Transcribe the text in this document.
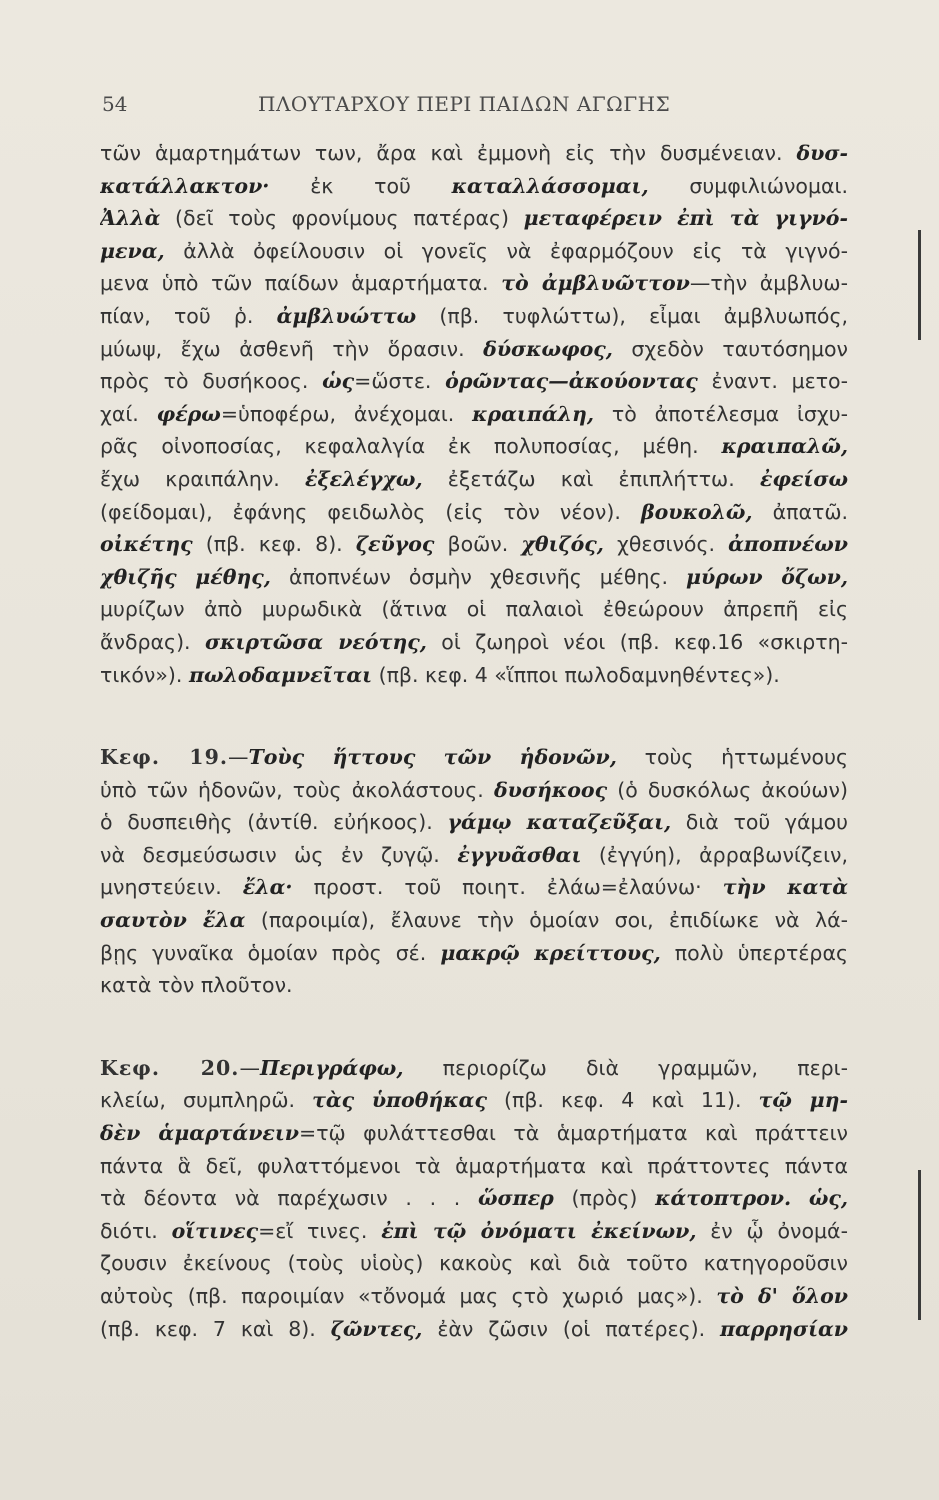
54	ΠΛΟΥΤΑΡΧΟΥ ΠΕΡΙ ΠΑΙΔΩΝ ΑΓΩΓΗΣ
τῶν ἁμαρτημάτων των, ἄρα καὶ ἐμμονὴ εἰς τὴν δυσμένειαν. δυσ-
κατάλλακτον· ἐκ τοῦ καταλλάσσομαι, συμφιλιώνομαι.
Ἀλλὰ (δεῖ τοὺς φρονίμους πατέρας) μεταφέρειν ἐπὶ τὰ γιγνό-
μενα, ἀλλὰ ὀφείλουσιν οἱ γονεῖς νὰ ἐφαρμόζουν εἰς τὰ γιγνό-
μενα ὑπὸ τῶν παίδων ἁμαρτήματα. τὸ ἀμβλυῶττον—τὴν ἀμβλυω-
πίαν, τοῦ ῥ. ἀμβλυώττω (πβ. τυφλώττω), εἶμαι ἀμβλυωπός,
μύωψ, ἔχω ἀσθενῆ τὴν ὅρασιν. δύσκωφος, σχεδὸν ταυτόσημον
πρὸς τὸ δυσήκοος. ὡς=ὥστε. ὁρῶντας—ἀκούοντας ἐναντ. μετο-
χαί. φέρω=ὑποφέρω, ἀνέχομαι. κραιπάλη, τὸ ἀποτέλεσμα ἰσχυ-
ρᾶς οἰνοποσίας, κεφαλαλγία ἐκ πολυποσίας, μέθη. κραιπαλῶ,
ἔχω κραιπάλην. ἐξελέγχω, ἐξετάζω καὶ ἐπιπλήττω. ἐφείσω
(φείδομαι), ἐφάνης φειδωλὸς (εἰς τὸν νέον). βουκολῶ, ἀπατῶ.
οἰκέτης (πβ. κεφ. 8). ζεῦγος βοῶν. χθιζός, χθεσινός. ἀποπνέων
χθιζῆς μέθης, ἀποπνέων ὀσμὴν χθεσινῆς μέθης. μύρων ὄζων,
μυρίζων ἀπὸ μυρωδικὰ (ἅτινα οἱ παλαιοὶ ἐθεώρουν ἀπρεπῆ εἰς
ἄνδρας). σκιρτῶσα νεότης, οἱ ζωηροὶ νέοι (πβ. κεφ.16 «σκιρτη-
τικόν»). πωλοδαμνεῖται (πβ. κεφ. 4 «ἵπποι πωλοδαμνηθέντες»).
Κεφ. 19.—Τοὺς ἥττους τῶν ἡδονῶν, τοὺς ἡττωμένους
ὑπὸ τῶν ἡδονῶν, τοὺς ἀκολάστους. δυσήκοος (ὁ δυσκόλως ἀκούων)
ὁ δυσπειθὴς (ἀντίθ. εὐήκοος). γάμῳ καταζεῦξαι, διὰ τοῦ γάμου
νὰ δεσμεύσωσιν ὡς ἐν ζυγῷ. ἐγγυᾶσθαι (ἐγγύη), ἀρραβωνίζειν,
μνηστεύειν. ἔλα· προστ. τοῦ ποιητ. ἐλάω=ἐλαύνω· τὴν κατὰ
σαυτὸν ἔλα (παροιμία), ἔλαυνε τὴν ὁμοίαν σοι, ἐπιδίωκε νὰ λά-
βῃς γυναῖκα ὁμοίαν πρὸς σέ. μακρῷ κρείττους, πολὺ ὑπερτέρας
κατὰ τὸν πλοῦτον.
Κεφ. 20.—Περιγράφω, περιορίζω διὰ γραμμῶν, περι-
κλείω, συμπληρῶ. τὰς ὑποθήκας (πβ. κεφ. 4 καὶ 11). τῷ μη-
δὲν ἁμαρτάνειν=τῷ φυλάττεσθαι τὰ ἁμαρτήματα καὶ πράττειν
πάντα ἃ δεῖ, φυλαττόμενοι τὰ ἁμαρτήματα καὶ πράττοντες πάντα
τὰ δέοντα νὰ παρέχωσιν . . . ὥσπερ (πρὸς) κάτοπτρον. ὡς,
διότι. οἵτινες=εἴ τινες. ἐπὶ τῷ ὀνόματι ἐκείνων, ἐν ᾧ ὀνομά-
ζουσιν ἐκείνους (τοὺς υἱοὺς) κακοὺς καὶ διὰ τοῦτο κατηγοροῦσιν
αὐτοὺς (πβ. παροιμίαν «τὄνομά μας ςτὸ χωριό μας»). τὸ δ' ὅλον
(πβ. κεφ. 7 καὶ 8). ζῶντες, ἐὰν ζῶσιν (οἱ πατέρες). παρρησίαν
